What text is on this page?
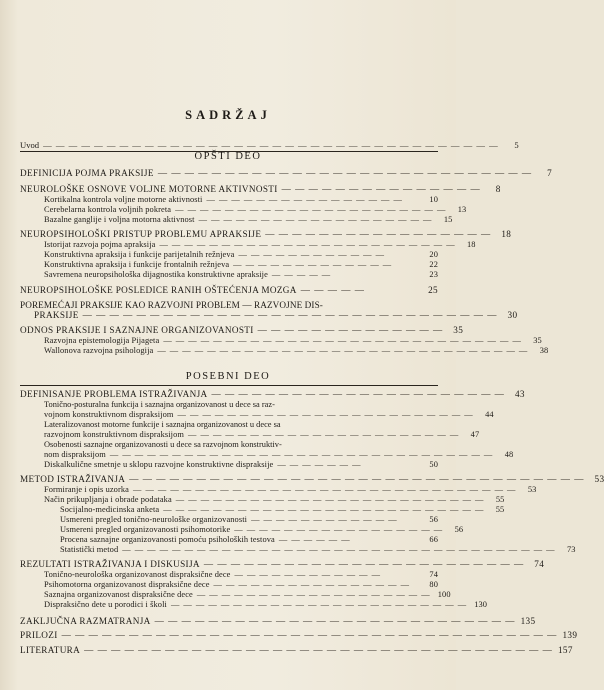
SADRŽAJ
Uvod — — — — — — — — — — — — — — — — — — — — — — — — — — — — — — — — — — — —	5
OPŠTI DEO
DEFINICIJA POJMA PRAKSIJE — — — — — — — — — — — — — — — — — — — — — — — — — — — —	7
NEUROLOŠKE OSNOVE VOLJNE MOTORNE AKTIVNOSTI — — — — — — — — — — — — — — —	8
Kortikalna kontrola voljne motorne aktivnosti — — — — — — — — — — — — — — — —	10
Cerebelarna kontrola voljnih pokreta — — — — — — — — — — — — — — — — — — — — — —	13
Bazalne ganglije i voljna motorna aktivnost — — — — — — — — — — — — — — — — — — —	15
NEUROPSIHOLOŠKI PRISTUP PROBLEMU APRAKSIJE — — — — — — — — — — — — — — — — —	18
Istorijat razvoja pojma apraksija — — — — — — — — — — — — — — — — — — — — — — — —	18
Konstruktivna apraksija i funkcije parijetalnih režnjeva — — — — — — — — — — — —	20
Konstruktivna apraksija i funkcije frontalnih režnjeva — — — — — — — — — — — — —	22
Savremena neuropsihološka dijagnostika konstruktivne apraksije — — — — —	23
NEUROPSIHOLOŠKE POSLEDICE RANIH OŠTEĆENJA MOZGA — — — — —	25
POREMEĆAJI PRAKSIJE KAO RAZVOJNI PROBLEM — RAZVOJNE DIS-
PRAKSIJE — — — — — — — — — — — — — — — — — — — — — — — — — — — — — — —	30
ODNOS PRAKSIJE I SAZNAJNE ORGANIZOVANOSTI — — — — — — — — — — — — — —	35
Razvojna epistemologija Pijageta — — — — — — — — — — — — — — — — — — — — — — — — — — — — —	35
Wallonova razvojna psihologija — — — — — — — — — — — — — — — — — — — — — — — — — — — — — —	38
POSEBNI DEO
DEFINISANJE PROBLEMA ISTRAŽIVANJA — — — — — — — — — — — — — — — — — — — — — —	43
Tonično-posturalna funkcija i saznajna organizovanost u dece sa raz-
vojnom konstruktivnom dispraksijom — — — — — — — — — — — — — — — — — — — — — — — —	44
Lateralizovanost motorne funkcije i saznajna organizovanost u dece sa
razvojnom konstruktivnom dispraksijom — — — — — — — — — — — — — — — — — — — — — —	47
Osobenosti saznajne organizovanosti u dece sa razvojnom konstruktiv-
nom dispraksijom — — — — — — — — — — — — — — — — — — — — — — — — — — — — — — —	48
Diskalkulične smetnje u sklopu razvojne konstruktivne dispraksije — — — — — — —	50
METOD ISTRAŽIVANJA — — — — — — — — — — — — — — — — — — — — — — — — — — — — — — — — — —	53
Formiranje i opis uzorka — — — — — — — — — — — — — — — — — — — — — — — — — — — — — — —	53
Način prikupljanja i obrade podataka — — — — — — — — — — — — — — — — — — — — — — — — —	55
Socijalno-medicinska anketa — — — — — — — — — — — — — — — — — — — — — — — — — —	55
Usmereni pregled tonično-neurološke organizovanosti — — — — — — — — — — — —	56
Usmereni pregled organizovanosti psihomotorike — — — — — — — — — — — — — — — — —	56
Procena saznajne organizovanosti pomoću psiholoških testova — — — — — —	66
Statistički metod — — — — — — — — — — — — — — — — — — — — — — — — — — — — — — — — — — —	73
REZULTATI ISTRAŽIVANJA I DISKUSIJA — — — — — — — — — — — — — — — — — — — — — — — —	74
Tonično-neurološka organizovanost dispraksične dece — — — — — — — — — — — —	74
Psihomotorna organizovanost dispraksične dece — — — — — — — — — — — — — — — —	80
Saznajna organizovanost dispraksične dece — — — — — — — — — — — — — — — — — — — 100
Dispraksično dete u porodici i školi — — — — — — — — — — — — — — — — — — — — — — — — 130
ZAKLJUČNA RAZMATRANJA — — — — — — — — — — — — — — — — — — — — — — — — — — — 135
PRILOZI — — — — — — — — — — — — — — — — — — — — — — — — — — — — — — — — — — — — — 139
LITERATURA — — — — — — — — — — — — — — — — — — — — — — — — — — — — — — — — — — — 157
